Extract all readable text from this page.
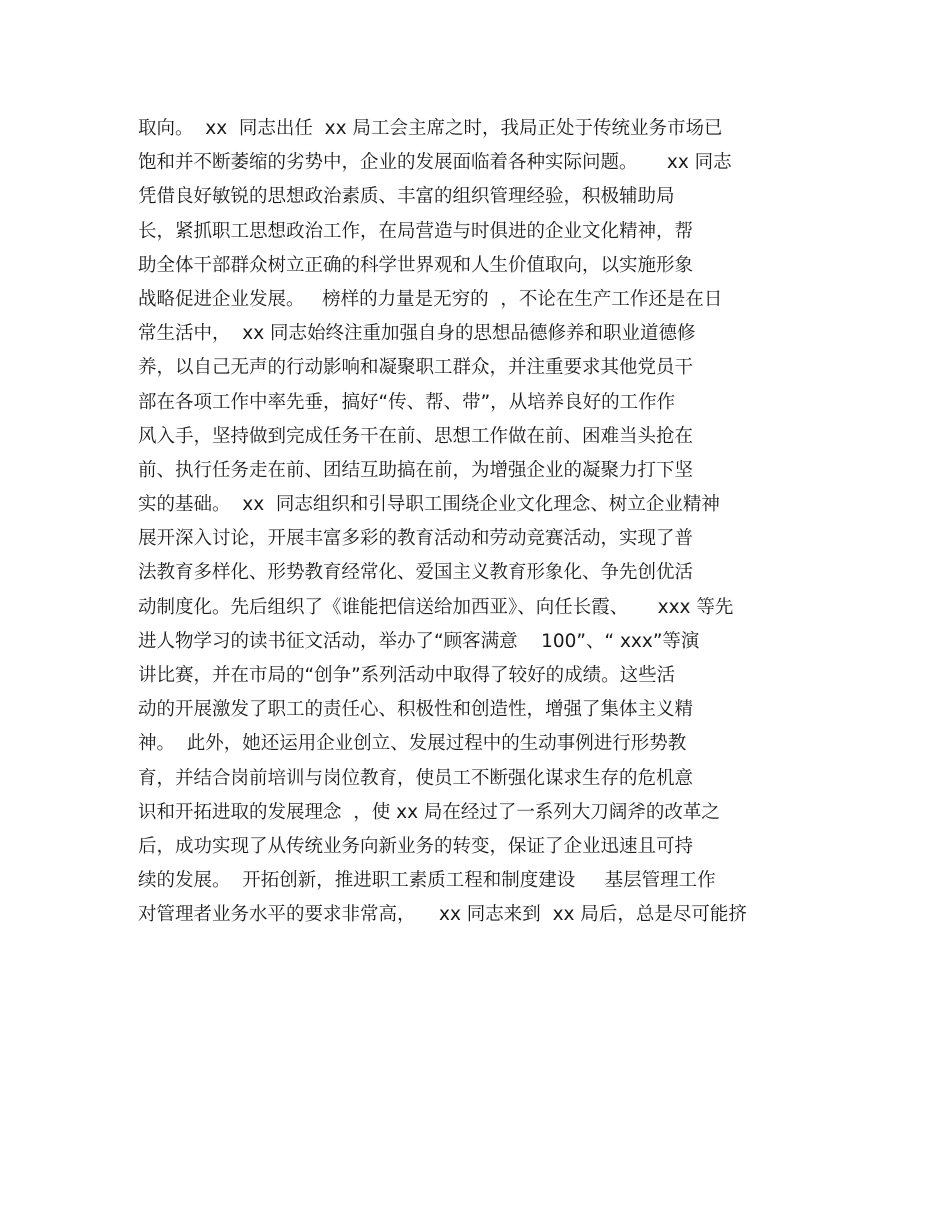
取向。  xx  同志出任  xx 局工会主席之时，我局正处于传统业务市场已
饱和并不断萎缩的劣势中，企业的发展面临着各种实际问题。     xx 同志
凭借良好敏锐的思想政治素质、丰富的组织管理经验，积极辅助局
长，紧抓职工思想政治工作，在局营造与时俱进的企业文化精神，帮
助全体干部群众树立正确的科学世界观和人生价值取向，以实施形象
战略促进企业发展。   榜样的力量是无穷的  ，不论在生产工作还是在日
常生活中，  xx 同志始终注重加强自身的思想品德修养和职业道德修
养，以自己无声的行动影响和凝聚职工群众，并注重要求其他党员干
部在各项工作中率先垂，搞好“传、帮、带”，从培养良好的工作作
风入手，坚持做到完成任务干在前、思想工作做在前、困难当头抢在
前、执行任务走在前、团结互助搞在前，为增强企业的凝聚力打下坚
实的基础。  xx  同志组织和引导职工围绕企业文化理念、树立企业精神
展开深入讨论，开展丰富多彩的教育活动和劳动竞赛活动，实现了普
法教育多样化、形势教育经常化、爱国主义教育形象化、争先创优活
动制度化。先后组织了《谁能把信送给加西亚》、向任长霞、     xxx 等先
进人物学习的读书征文活动，举办了“顾客满意    100”、“ xxx”等演
讲比赛，并在市局的“创争”系列活动中取得了较好的成绩。这些活
动的开展激发了职工的责任心、积极性和创造性，增强了集体主义精
神。  此外，她还运用企业创立、发展过程中的生动事例进行形势教
育，并结合岗前培训与岗位教育，使员工不断强化谋求生存的危机意
识和开拓进取的发展理念  ，使 xx 局在经过了一系列大刀阔斧的改革之
后，成功实现了从传统业务向新业务的转变，保证了企业迅速且可持
续的发展。  开拓创新，推进职工素质工程和制度建设     基层管理工作
对管理者业务水平的要求非常高，    xx 同志来到  xx 局后，总是尽可能挤
